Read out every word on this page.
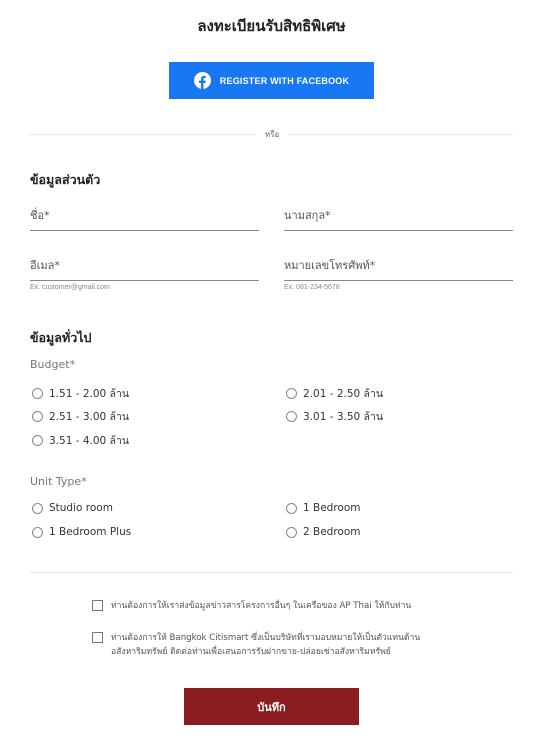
ลงทะเบียนรับสิทธิพิเศษ
REGISTER WITH FACEBOOK
หรือ
ข้อมูลส่วนตัว
ชื่อ*	นามสกุล*
อีเมล*
Ex. customer@gmail.com
หมายเลขโทรศัพท์*
Ex. 081-234-5678
ข้อมูลทั่วไป
Budget*
1.51 - 2.00 ล้าน	2.01 - 2.50 ล้าน
2.51 - 3.00 ล้าน	3.01 - 3.50 ล้าน
3.51 - 4.00 ล้าน
Unit Type*
Studio room	1 Bedroom
1 Bedroom Plus	2 Bedroom
ท่านต้องการให้เราส่งข้อมูลข่าวสารโครงการอื่นๆ ในเครือของ AP Thai ให้กับท่าน
ท่านต้องการให้ Bangkok Citismart ซึ่งเป็นบริษัทที่เรามอบหมายให้เป็นตัวแทนด้าน
อสังหาริมทรัพย์ ติดต่อท่านเพื่อเสนอการรับฝากขาย-ปล่อยเช่าอสังหาริมทรัพย์
บันทึก
